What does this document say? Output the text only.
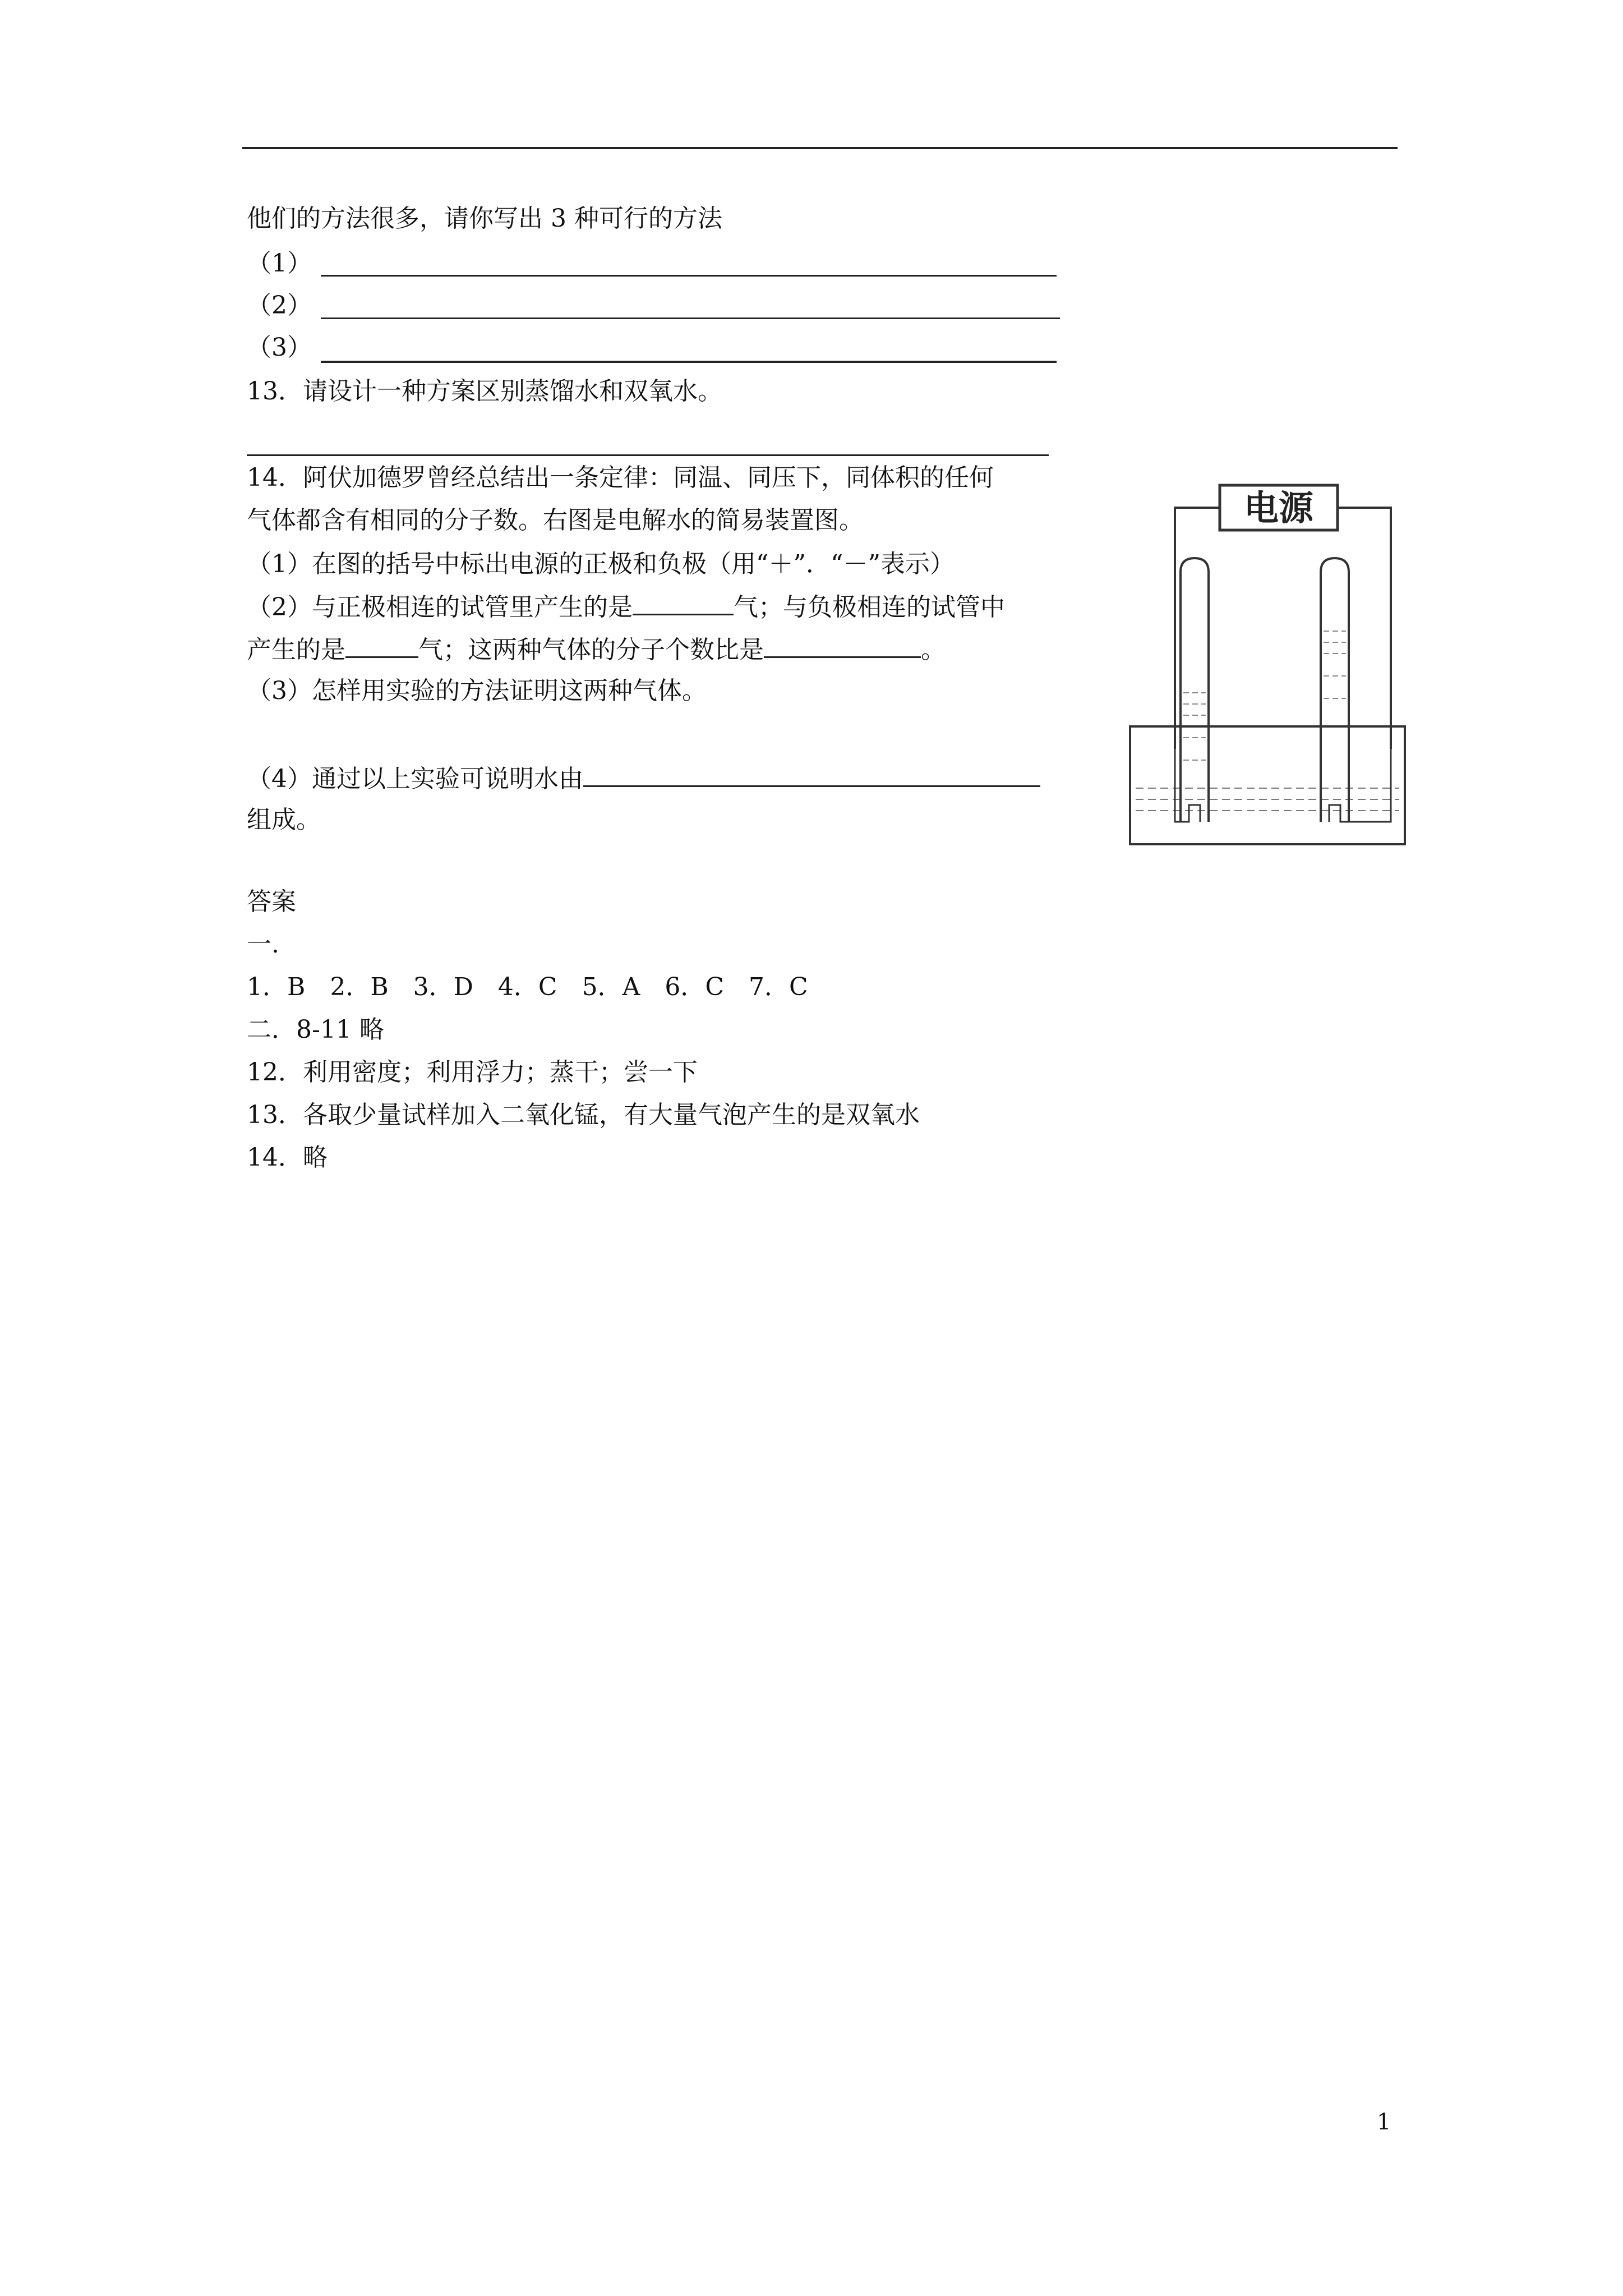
他们的方法很多，请你写出 3 种可行的方法
（1）
（2）
（3）
13．请设计一种方案区别蒸馏水和双氧水。
14．阿伏加德罗曾经总结出一条定律：同温、同压下，同体积的任何
气体都含有相同的分子数。右图是电解水的简易装置图。
（1）在图的括号中标出电源的正极和负极（用“＋”．“－”表示）
（2）与正极相连的试管里产生的是	气；与负极相连的试管中
产生的是	气；这两种气体的分子个数比是	。
（3）怎样用实验的方法证明这两种气体。
（4）通过以上实验可说明水由
组成。
电源
答案
一.
1．B　2．B　3．D　4．C　5．A　6．C　7．C
二．8-11 略
12．利用密度；利用浮力；蒸干；尝一下
13．各取少量试样加入二氧化锰，有大量气泡产生的是双氧水
14．略
1
